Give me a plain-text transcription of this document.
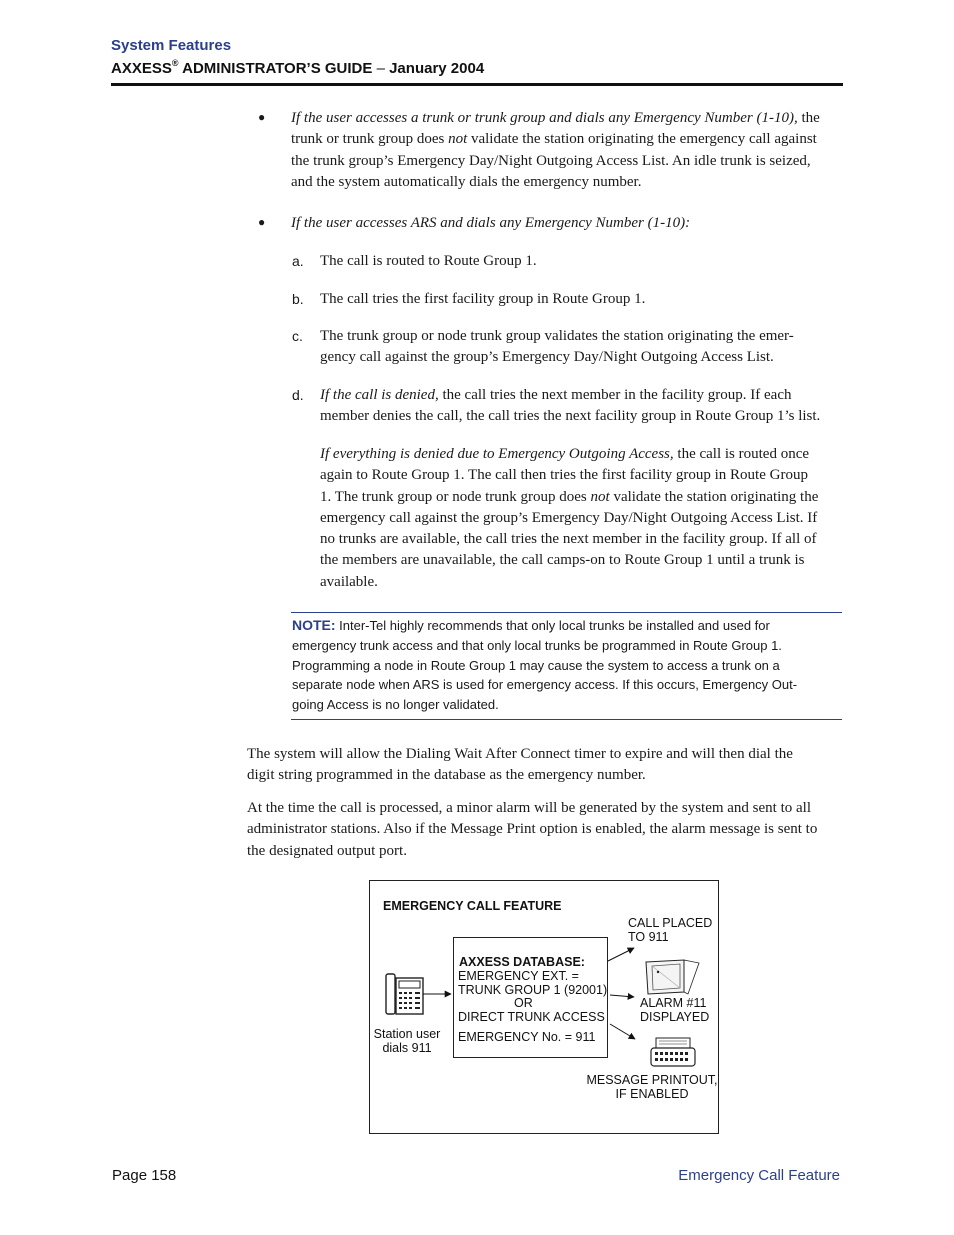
System Features
AXXESS® ADMINISTRATOR’S GUIDE – January 2004
● If the user accesses a trunk or trunk group and dials any Emergency Number (1-10), the
trunk or trunk group does not validate the station originating the emergency call against
the trunk group’s Emergency Day/Night Outgoing Access List. An idle trunk is seized,
and the system automatically dials the emergency number.
● If the user accesses ARS and dials any Emergency Number (1-10):
a. The call is routed to Route Group 1.
b. The call tries the first facility group in Route Group 1.
c. The trunk group or node trunk group validates the station originating the emer-
gency call against the group’s Emergency Day/Night Outgoing Access List.
d. If the call is denied, the call tries the next member in the facility group. If each
member denies the call, the call tries the next facility group in Route Group 1’s list.
If everything is denied due to Emergency Outgoing Access, the call is routed once
again to Route Group 1. The call then tries the first facility group in Route Group
1. The trunk group or node trunk group does not validate the station originating the
emergency call against the group’s Emergency Day/Night Outgoing Access List. If
no trunks are available, the call tries the next member in the facility group. If all of
the members are unavailable, the call camps-on to Route Group 1 until a trunk is
available.
NOTE: Inter-Tel highly recommends that only local trunks be installed and used for
emergency trunk access and that only local trunks be programmed in Route Group 1.
Programming a node in Route Group 1 may cause the system to access a trunk on a
separate node when ARS is used for emergency access. If this occurs, Emergency Out-
going Access is no longer validated.
The system will allow the Dialing Wait After Connect timer to expire and will then dial the
digit string programmed in the database as the emergency number.
At the time the call is processed, a minor alarm will be generated by the system and sent to all
administrator stations. Also if the Message Print option is enabled, the alarm message is sent to
the designated output port.
EMERGENCY CALL FEATURE
Station user
dials 911
AXXESS DATABASE:
EMERGENCY EXT. =
TRUNK GROUP 1 (92001)
OR
DIRECT TRUNK ACCESS
EMERGENCY No. = 911
CALL PLACED
TO 911
ALARM #11
DISPLAYED
MESSAGE PRINTOUT,
IF ENABLED
Page 158	Emergency Call Feature
